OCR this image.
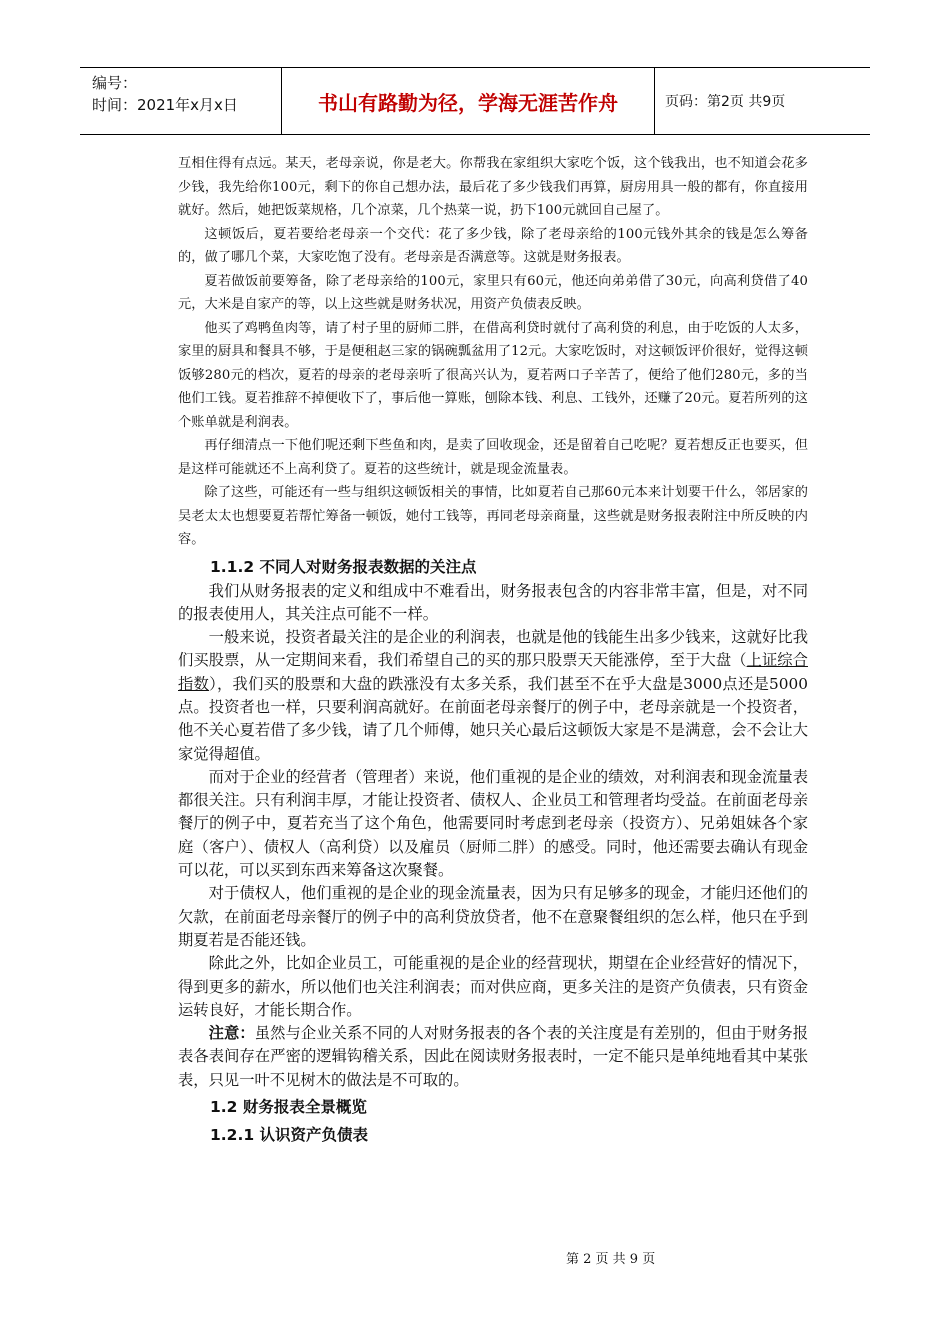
编号：
时间：2021年x月x日	书山有路勤为径，学海无涯苦作舟	页码：第2页 共9页

互相住得有点远。某天，老母亲说，你是老大。你帮我在家组织大家吃个饭，这个钱我出，也不知道会花多少钱，我先给你100元，剩下的你自己想办法，最后花了多少钱我们再算，厨房用具一般的都有，你直接用就好。然后，她把饭菜规格，几个凉菜，几个热菜一说，扔下100元就回自己屋了。

这顿饭后，夏若要给老母亲一个交代：花了多少钱，除了老母亲给的100元钱外其余的钱是怎么筹备的，做了哪几个菜，大家吃饱了没有。老母亲是否满意等。这就是财务报表。

夏若做饭前要筹备，除了老母亲给的100元，家里只有60元，他还向弟弟借了30元，向高利贷借了40元，大米是自家产的等，以上这些就是财务状况，用资产负债表反映。

他买了鸡鸭鱼肉等，请了村子里的厨师二胖，在借高利贷时就付了高利贷的利息，由于吃饭的人太多，家里的厨具和餐具不够，于是便租赵三家的锅碗瓢盆用了12元。大家吃饭时，对这顿饭评价很好，觉得这顿饭够280元的档次，夏若的母亲的老母亲听了很高兴认为，夏若两口子辛苦了，便给了他们280元，多的当他们工钱。夏若推辞不掉便收下了，事后他一算账，刨除本钱、利息、工钱外，还赚了20元。夏若所列的这个账单就是利润表。

再仔细清点一下他们呢还剩下些鱼和肉，是卖了回收现金，还是留着自己吃呢？夏若想反正也要买，但是这样可能就还不上高利贷了。夏若的这些统计，就是现金流量表。

除了这些，可能还有一些与组织这顿饭相关的事情，比如夏若自己那60元本来计划要干什么，邻居家的吴老太太也想要夏若帮忙筹备一顿饭，她付工钱等，再同老母亲商量，这些就是财务报表附注中所反映的内容。

1.1.2 不同人对财务报表数据的关注点

我们从财务报表的定义和组成中不难看出，财务报表包含的内容非常丰富，但是，对不同的报表使用人，其关注点可能不一样。

一般来说，投资者最关注的是企业的利润表，也就是他的钱能生出多少钱来，这就好比我们买股票，从一定期间来看，我们希望自己的买的那只股票天天能涨停，至于大盘（上证综合指数），我们买的股票和大盘的跌涨没有太多关系，我们甚至不在乎大盘是3000点还是5000点。投资者也一样，只要利润高就好。在前面老母亲餐厅的例子中，老母亲就是一个投资者，他不关心夏若借了多少钱，请了几个师傅，她只关心最后这顿饭大家是不是满意，会不会让大家觉得超值。

而对于企业的经营者（管理者）来说，他们重视的是企业的绩效，对利润表和现金流量表都很关注。只有利润丰厚，才能让投资者、债权人、企业员工和管理者均受益。在前面老母亲餐厅的例子中，夏若充当了这个角色，他需要同时考虑到老母亲（投资方）、兄弟姐妹各个家庭（客户）、债权人（高利贷）以及雇员（厨师二胖）的感受。同时，他还需要去确认有现金可以花，可以买到东西来筹备这次聚餐。

对于债权人，他们重视的是企业的现金流量表，因为只有足够多的现金，才能归还他们的欠款，在前面老母亲餐厅的例子中的高利贷放贷者，他不在意聚餐组织的怎么样，他只在乎到期夏若是否能还钱。

除此之外，比如企业员工，可能重视的是企业的经营现状，期望在企业经营好的情况下，得到更多的薪水，所以他们也关注利润表；而对供应商，更多关注的是资产负债表，只有资金运转良好，才能长期合作。

注意：虽然与企业关系不同的人对财务报表的各个表的关注度是有差别的，但由于财务报表各表间存在严密的逻辑钩稽关系，因此在阅读财务报表时，一定不能只是单纯地看其中某张表，只见一叶不见树木的做法是不可取的。

1.2 财务报表全景概览
1.2.1 认识资产负债表
第 2 页 共 9 页
